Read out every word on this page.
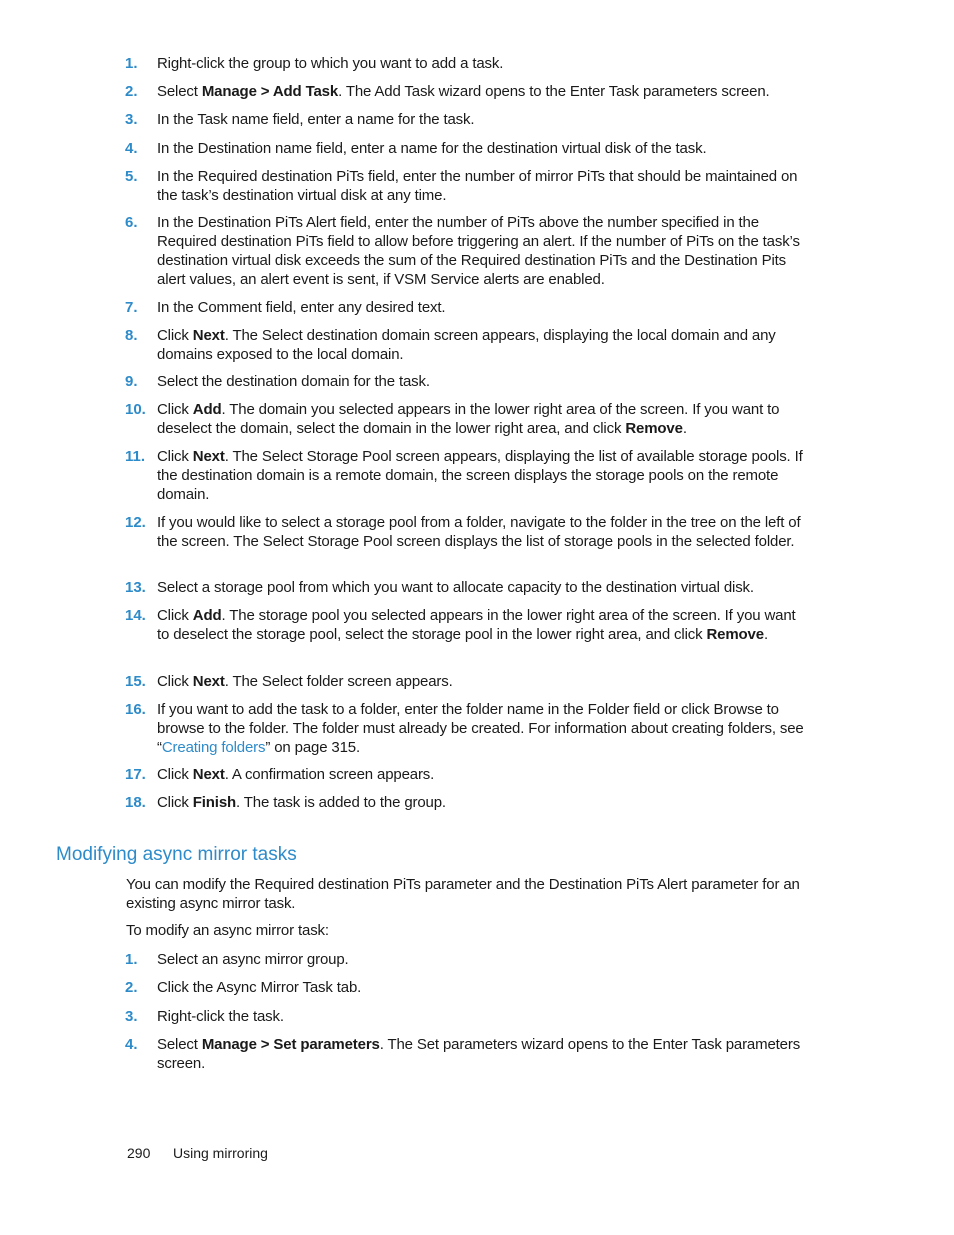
1.	Right-click the group to which you want to add a task.
2.	Select Manage > Add Task. The Add Task wizard opens to the Enter Task parameters screen.
3.	In the Task name field, enter a name for the task.
4.	In the Destination name field, enter a name for the destination virtual disk of the task.
5.	In the Required destination PiTs field, enter the number of mirror PiTs that should be maintained on the task’s destination virtual disk at any time.
6.	In the Destination PiTs Alert field, enter the number of PiTs above the number specified in the Required destination PiTs field to allow before triggering an alert. If the number of PiTs on the task’s destination virtual disk exceeds the sum of the Required destination PiTs and the Destination Pits alert values, an alert event is sent, if VSM Service alerts are enabled.
7.	In the Comment field, enter any desired text.
8.	Click Next. The Select destination domain screen appears, displaying the local domain and any domains exposed to the local domain.
9.	Select the destination domain for the task.
10. Click Add. The domain you selected appears in the lower right area of the screen. If you want to deselect the domain, select the domain in the lower right area, and click Remove.
11. Click Next. The Select Storage Pool screen appears, displaying the list of available storage pools. If the destination domain is a remote domain, the screen displays the storage pools on the remote domain.
12. If you would like to select a storage pool from a folder, navigate to the folder in the tree on the left of the screen. The Select Storage Pool screen displays the list of storage pools in the selected folder.
13. Select a storage pool from which you want to allocate capacity to the destination virtual disk.
14. Click Add. The storage pool you selected appears in the lower right area of the screen. If you want to deselect the storage pool, select the storage pool in the lower right area, and click Remove.
15. Click Next. The Select folder screen appears.
16. If you want to add the task to a folder, enter the folder name in the Folder field or click Browse to browse to the folder. The folder must already be created. For information about creating folders, see “Creating folders” on page 315.
17. Click Next. A confirmation screen appears.
18. Click Finish. The task is added to the group.
Modifying async mirror tasks
You can modify the Required destination PiTs parameter and the Destination PiTs Alert parameter for an existing async mirror task.
To modify an async mirror task:
1.	Select an async mirror group.
2.	Click the Async Mirror Task tab.
3.	Right-click the task.
4.	Select Manage > Set parameters. The Set parameters wizard opens to the Enter Task parameters screen.
290 Using mirroring
